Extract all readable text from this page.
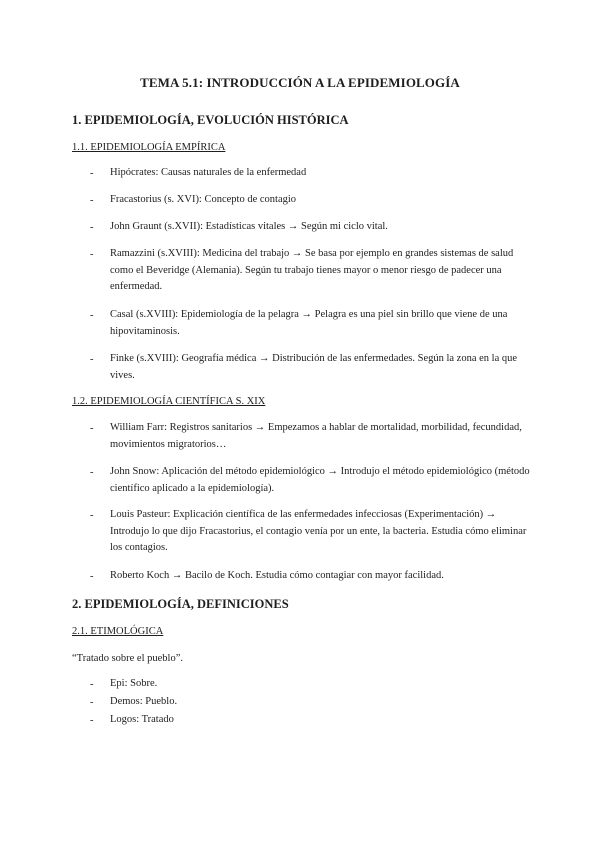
TEMA 5.1: INTRODUCCIÓN A LA EPIDEMIOLOGÍA
1. EPIDEMIOLOGÍA, EVOLUCIÓN HISTÓRICA
1.1. EPIDEMIOLOGÍA EMPÍRICA
- Hipócrates: Causas naturales de la enfermedad
- Fracastorius (s. XVI): Concepto de contagio
- John Graunt (s.XVII): Estadísticas vitales → Según mi ciclo vital.
- Ramazzini (s.XVIII): Medicina del trabajo → Se basa por ejemplo en grandes sistemas de salud como el Beveridge (Alemania). Según tu trabajo tienes mayor o menor riesgo de padecer una enfermedad.
- Casal (s.XVIII): Epidemiología de la pelagra → Pelagra es una piel sin brillo que viene de una hipovitaminosis.
- Finke (s.XVIII): Geografía médica → Distribución de las enfermedades. Según la zona en la que vives.
1.2. EPIDEMIOLOGÍA CIENTÍFICA S. XIX
- William Farr: Registros sanitarios → Empezamos a hablar de mortalidad, morbilidad, fecundidad, movimientos migratorios…
- John Snow: Aplicación del método epidemiológico → Introdujo el método epidemiológico (método científico aplicado a la epidemiología).
- Louis Pasteur: Explicación científica de las enfermedades infecciosas (Experimentación) → Introdujo lo que dijo Fracastorius, el contagio venía por un ente, la bacteria. Estudia cómo eliminar los contagios.
- Roberto Koch → Bacilo de Koch. Estudia cómo contagiar con mayor facilidad.
2. EPIDEMIOLOGÍA, DEFINICIONES
2.1. ETIMOLÓGICA
“Tratado sobre el pueblo”.
- Epi: Sobre.
- Demos: Pueblo.
- Logos: Tratado
